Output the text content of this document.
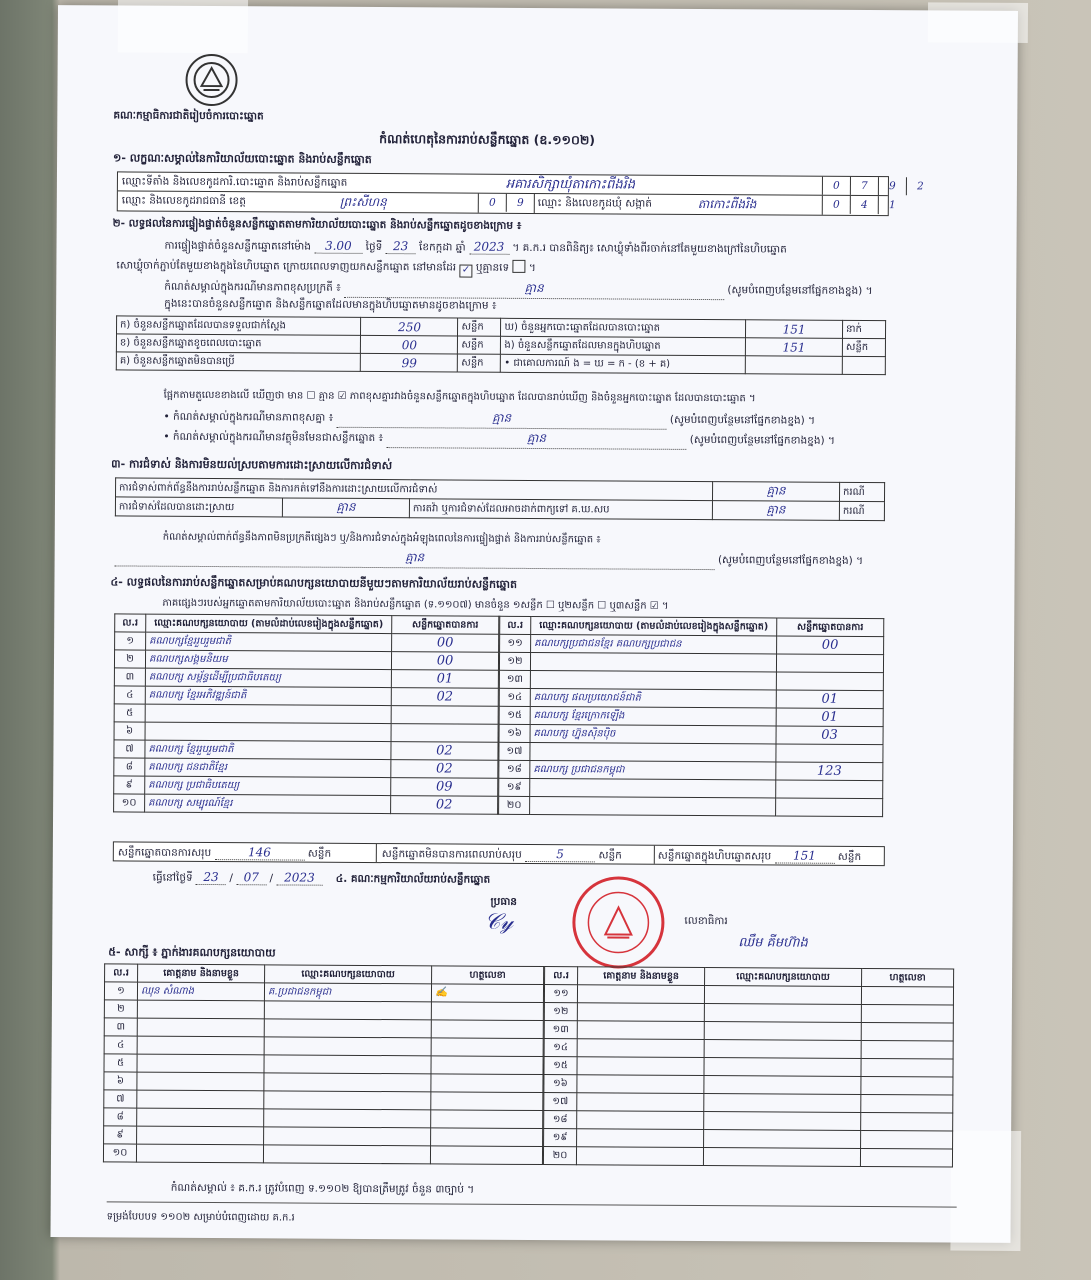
គណៈកម្មាធិការជាតិរៀបចំការបោះឆ្នោត
កំណត់ហេតុនៃការរាប់សន្លឹកឆ្នោត (ឧ.១១០២)
១- លក្ខណៈសម្គាល់នៃការិយាល័យបោះឆ្នោត និងរាប់សន្លឹកឆ្នោត
ឈ្មោះទីតាំង និងលេខកូដការិ.បោះឆ្នោត និងរាប់សន្លឹកឆ្នោត	អគារសិក្សាឃុំតាកោះពីងរិង	0 7 9 2
ឈ្មោះ និងលេខកូដរាជធានី ខេត្ត	ព្រះសីហនុ	0 9	ឈ្មោះ និងលេខកូដឃុំ សង្កាត់	តាកោះពីងរិង	0 4 1
២- លទ្ធផលនៃការផ្ទៀងផ្ទាត់ចំនួនសន្លឹកឆ្នោតតាមការិយាល័យបោះឆ្នោត និងរាប់សន្លឹកឆ្នោតដូចខាងក្រោម ៖
ការផ្ទៀងផ្ទាត់ចំនួនសន្លឹកឆ្នោតនៅម៉ោង 3.00 ថ្ងៃទី 23 ខែកក្កដា ឆ្នាំ 2023 ។ គ.ក.រ បានពិនិត្យ៖ សោឃ្លុំទាំងពីរចាក់នៅតែមួយខាងក្រៅនៃហិបឆ្នោត
សោឃ្លុំចាក់ភ្ជាប់តែមួយខាងក្នុងនៃហិបឆ្នោត ក្រោយពេលទាញយកសន្លឹកឆ្នោត នៅមានដែរ ✓ ឬគ្មានទេ  ។
កំណត់សម្គាល់ក្នុងករណីមានភាពខុសប្រក្រតី ៖	គ្មាន	(សូមបំពេញបន្ថែមនៅផ្នែកខាងខ្នង) ។
ក្នុងនេះបានចំនួនសន្លឹកឆ្នោត និងសន្លឹកឆ្នោតដែលមានក្នុងហិបឆ្នោតមានដូចខាងក្រោម ៖
ក) ចំនួនសន្លឹកឆ្នោតដែលបានទទួលជាក់ស្តែង	250	សន្លឹក	ឃ) ចំនួនអ្នកបោះឆ្នោតដែលបានបោះឆ្នោត	151	នាក់
ខ) ចំនួនសន្លឹកឆ្នោតខូចពេលបោះឆ្នោត	00	សន្លឹក	ង) ចំនួនសន្លឹកឆ្នោតដែលមានក្នុងហិបឆ្នោត	151	សន្លឹក
គ) ចំនួនសន្លឹកឆ្នោតមិនបានប្រើ	99	សន្លឹក	• ជាគោលការណ៍ ង = ឃ = ក - (ខ + គ)		
ផ្អែកតាមតួលេខខាងលើ ឃើញថា មាន ☐ គ្មាន ☑ ភាពខុសគ្នារវាងចំនួនសន្លឹកឆ្នោតក្នុងហិបឆ្នោត ដែលបានរាប់ឃើញ និងចំនួនអ្នកបោះឆ្នោត ដែលបានបោះឆ្នោត ។
• កំណត់សម្គាល់ក្នុងករណីមានភាពខុសគ្នា ៖	គ្មាន	(សូមបំពេញបន្ថែមនៅផ្នែកខាងខ្នង) ។
• កំណត់សម្គាល់ក្នុងករណីមានវត្ថុមិនមែនជាសន្លឹកឆ្នោត ៖	គ្មាន	(សូមបំពេញបន្ថែមនៅផ្នែកខាងខ្នង) ។
៣- ការជំទាស់ និងការមិនយល់ស្របតាមការដោះស្រាយលើការជំទាស់
ការជំទាស់ពាក់ព័ន្ធនឹងការរាប់សន្លឹកឆ្នោត និងការកត់ទៅនឹងការដោះស្រាយលើការជំទាស់			គ្មាន	ករណី
ការជំទាស់ដែលបានដោះស្រាយ	គ្មាន	ការតវ៉ា ឬការជំទាស់ដែលអាចដាក់ពាក្យទៅ គ.ឃ.សប	គ្មាន	ករណី
កំណត់សម្គាល់ពាក់ព័ន្ធនឹងភាពមិនប្រក្រតីផ្សេងៗ ឬ/និងការជំទាស់ក្នុងអំឡុងពេលនៃការផ្ទៀងផ្ទាត់ និងការរាប់សន្លឹកឆ្នោត ៖
គ្មាន	(សូមបំពេញបន្ថែមនៅផ្នែកខាងខ្នង) ។
៤- លទ្ធផលនៃការរាប់សន្លឹកឆ្នោតសម្រាប់គណបក្សនយោបាយនីមួយៗតាមការិយាល័យរាប់សន្លឹកឆ្នោត
ភាគផ្សេងៗរបស់អ្នកឆ្នោតតាមការិយាល័យបោះឆ្នោត និងរាប់សន្លឹកឆ្នោត (ទ.១១០៧) មានចំនួន ១សន្លឹក ☐ ឬ២សន្លឹក ☐ ឬ៣សន្លឹក ☑ ។
ល.រ	ឈ្មោះគណបក្សនយោបាយ (តាមលំដាប់លេខរៀងក្នុងសន្លឹកឆ្នោត)	សន្លឹកឆ្នោតបានការ
១	គណបក្សខ្មែររួបរួមជាតិ	00
២	គណបក្សសង្គមនិយម	00
៣	គណបក្ស សម្ព័ន្ធដើម្បីប្រជាធិបតេយ្យ	01
៤	គណបក្ស ខ្មែរអភិវឌ្ឍន៍ជាតិ	02
៥		
៦		
៧	គណបក្ស ខ្មែររួបរួមជាតិ	02
៨	គណបក្ស ជនជាតិខ្មែរ	02
៩	គណបក្ស ប្រជាធិបតេយ្យ	09
១០	គណបក្ស សម្បុរណ៍ខ្មែរ	02
ល.រ	ឈ្មោះគណបក្សនយោបាយ (តាមលំដាប់លេខរៀងក្នុងសន្លឹកឆ្នោត)	សន្លឹកឆ្នោតបានការ
១១	គណបក្សប្រជាជនខ្មែរ គណបក្សប្រជាជន	00
១២		
១៣		
១៤	គណបក្ស ផលប្រយោជន៍ជាតិ	01
១៥	គណបក្ស ខ្មែរក្រោកឡើង	01
១៦	គណបក្ស ហ្វ៊ុនស៊ិនប៉ិច	03
១៧		
១៨	គណបក្ស ប្រជាជនកម្ពុជា	123
១៩		
២០		
សន្លឹកឆ្នោតបានការសរុប	146	សន្លឹក	សន្លឹកឆ្នោតមិនបានការពេលរាប់សរុប	5	សន្លឹក	សន្លឹកឆ្នោតក្នុងហិបឆ្នោតសរុប 151 សន្លឹក
ធ្វើនៅថ្ងៃទី 23 / 07 / 2023 ៤. គណៈកម្មការិយាល័យរាប់សន្លឹកឆ្នោត
ប្រធាន
𝒞𝓎	លេខាធិការ
ឈឹម គីមហ៊ាង
៥- សាក្សី ៖ ភ្នាក់ងារគណបក្សនយោបាយ
ល.រ	គោត្តនាម និងនាមខ្លួន	ឈ្មោះគណបក្សនយោបាយ	ហត្ថលេខា
១	ឈុន សំណាង	គ.ប្រជាជនកម្ពុជា	✍
២			
៣			
៤			
៥			
៦			
៧			
៨			
៩			
១០			
ល.រ	គោត្តនាម និងនាមខ្លួន	ឈ្មោះគណបក្សនយោបាយ	ហត្ថលេខា
១១			
១២			
១៣			
១៤			
១៥			
១៦			
១៧			
១៨			
១៩			
២០			
កំណត់សម្គាល់ ៖ គ.ក.រ ត្រូវបំពេញ ទ.១១០២ ឱ្យបានត្រឹមត្រូវ ចំនួន ៣ច្បាប់ ។
ទម្រង់បែបបទ ១១០២ សម្រាប់បំពេញដោយ គ.ក.រ
